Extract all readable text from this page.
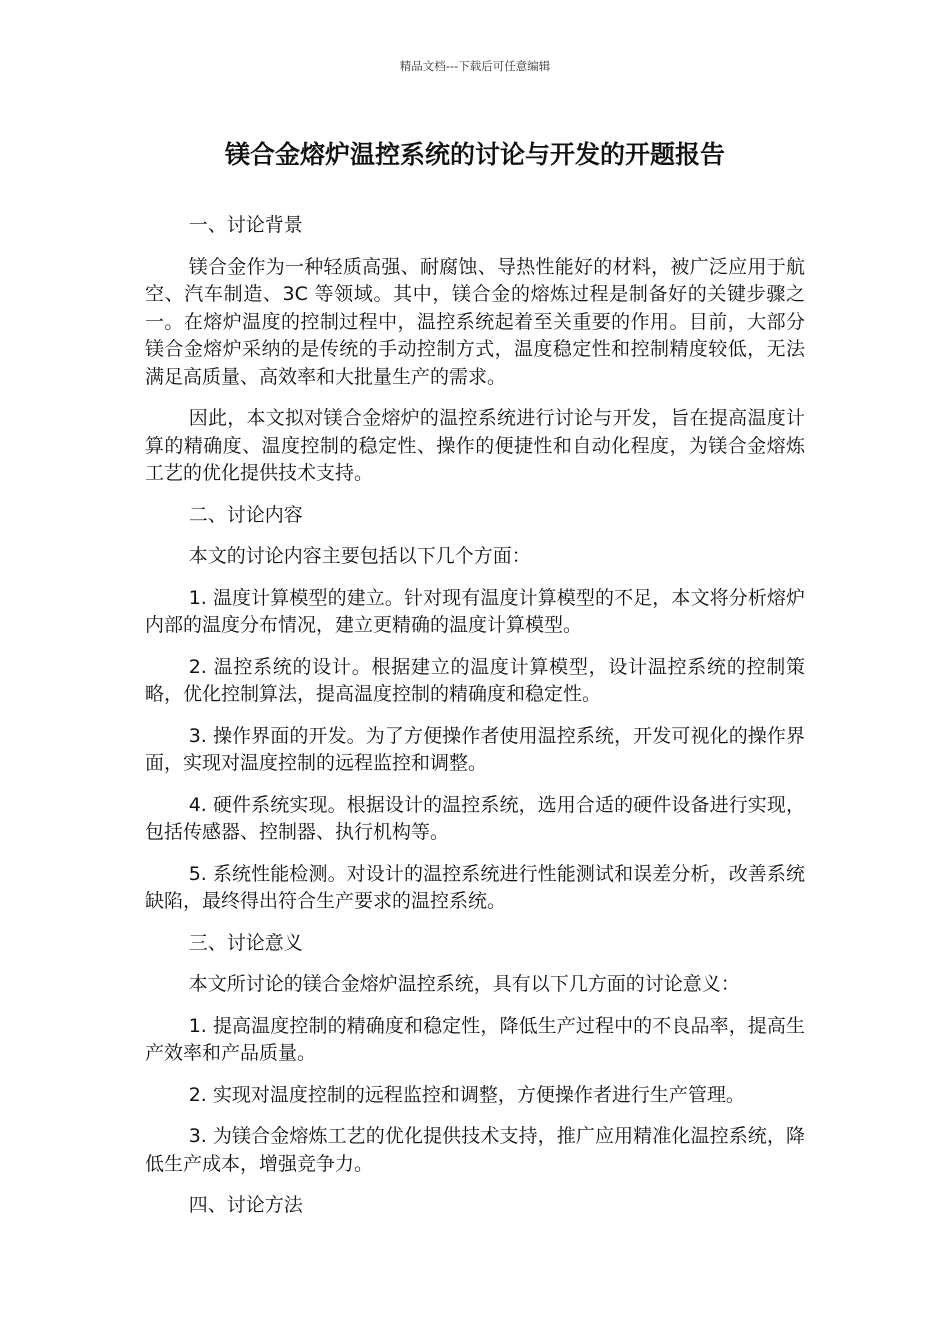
精品文档---下载后可任意编辑
镁合金熔炉温控系统的讨论与开发的开题报告

一、讨论背景

镁合金作为一种轻质高强、耐腐蚀、导热性能好的材料，被广泛应用于航空、汽车制造、3C 等领域。其中，镁合金的熔炼过程是制备好的关键步骤之一。在熔炉温度的控制过程中，温控系统起着至关重要的作用。目前，大部分镁合金熔炉采纳的是传统的手动控制方式，温度稳定性和控制精度较低，无法满足高质量、高效率和大批量生产的需求。

因此，本文拟对镁合金熔炉的温控系统进行讨论与开发，旨在提高温度计算的精确度、温度控制的稳定性、操作的便捷性和自动化程度，为镁合金熔炼工艺的优化提供技术支持。

二、讨论内容

本文的讨论内容主要包括以下几个方面：

1. 温度计算模型的建立。针对现有温度计算模型的不足，本文将分析熔炉内部的温度分布情况，建立更精确的温度计算模型。

2. 温控系统的设计。根据建立的温度计算模型，设计温控系统的控制策略，优化控制算法，提高温度控制的精确度和稳定性。

3. 操作界面的开发。为了方便操作者使用温控系统，开发可视化的操作界面，实现对温度控制的远程监控和调整。

4. 硬件系统实现。根据设计的温控系统，选用合适的硬件设备进行实现，包括传感器、控制器、执行机构等。

5. 系统性能检测。对设计的温控系统进行性能测试和误差分析，改善系统缺陷，最终得出符合生产要求的温控系统。

三、讨论意义

本文所讨论的镁合金熔炉温控系统，具有以下几方面的讨论意义：

1. 提高温度控制的精确度和稳定性，降低生产过程中的不良品率，提高生产效率和产品质量。

2. 实现对温度控制的远程监控和调整，方便操作者进行生产管理。

3. 为镁合金熔炼工艺的优化提供技术支持，推广应用精准化温控系统，降低生产成本，增强竞争力。

四、讨论方法
